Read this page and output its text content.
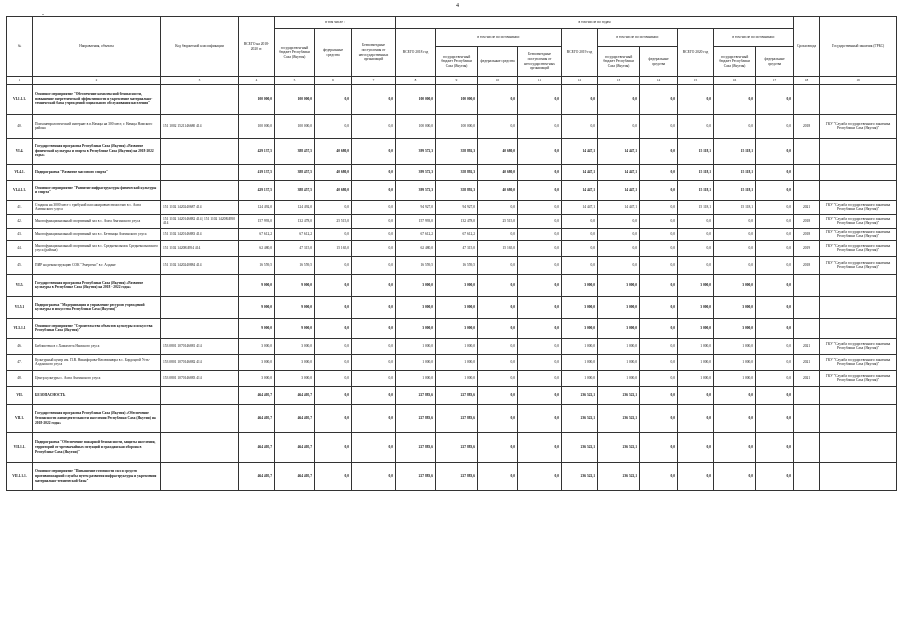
4
-
№	Направления, объекты	Код бюджетной классификации	ВСЕГО на 2018-2020 гг.	в том числе :			в том числе по годам										Сроки ввода	Государственный заказчик (ГРБС)
				государствен-ный бюджет Республики Саха (Якутия)	федеральные средства	Безвозмездные поступления от негосударственных организаций	ВСЕГО 2018 год	в том числе по источникам:			ВСЕГО 2019 год	в том числе по источникам:		ВСЕГО 2020 год	в том числе по источникам:			
								государствен-ный бюджет Республики Саха (Якутия)	федеральные средства	Безвозмездные поступления от негосударствен-ных организаций		государствен-ный бюджет Республики Саха (Якутия)	федеральные средства		государствен-ный бюджет Республики Саха (Якутия)	федеральные средства		
1	2	3	4	5	6	7	8	9	10	11	12	13	14	15	16	17	18	19
VI.1.1.1.	Основное мероприятие "Обеспечение комплексной безопасности, повышение энергетической эффективности и укрепление материально-технической базы учреждений социального обслуживания населения"		100 000,0	100 000,0	0,0	0,0	100 000,0	100 000,0	0,0	0,0	0,0	0,0	0,0	0,0	0,0	0,0		
40.	Психоневрологический интернат в п.Намцы на 300 мест, г. Намцы Намского района	151 1002 1521146680 414	100 000,0	100 000,0	0,0	0,0	100 000,0	100 000,0	0,0	0,0	0,0	0,0	0,0	0,0	0,0	0,0	2018	ГКУ "Служба государственного заказчика Республики Саха (Якутия)"
VI.4.	Государственная программа Республики Саха (Якутия) «Развитие физической культуры и спорта в Республике Саха (Якутия) на 2018-2022 годы»		429 137,5	388 457,5	40 680,0	0,0	399 572,3	358 892,3	40 680,0	0,0	14 447,1	14 447,1	0,0	15 118,1	15 118,1	0,0		
VI.4.1.	Подпрограмма "Развитие массового спорта"		419 137,5	388 457,5	40 680,0	0,0	399 572,3	358 892,3	40 680,0	0,0	14 447,1	14 447,1	0,0	15 118,1	15 118,1	0,0		
VI.4.1.1.	Основное мероприятие "Развитие инфраструктуры физической культуры и спорта"		429 137,5	388 457,5	40 680,0	0,0	399 572,3	358 892,3	40 680,0	0,0	14 447,1	14 447,1	0,0	15 118,1	15 118,1	0,0		
41.	Стадион на 3000 мест с трибуной пассажировместимостью в с. Амга Амгинского улуса	151 1102 1420240687 414	124 492,0	124 492,0	0,0	0,0	94 927,0	94 927,0	0,0	0,0	14 447,1	14 447,1	0,0	15 118,1	15 118,1	0,0	2021	ГКУ "Служба государственного заказчика Республики Саха (Якутия)"
42.	Многофункциональный спортивный зал в с. Амга Амгинского улуса	151 1102 1420146882 414 | 151 1102 1420R4950 414	157 993,0	132 478,0	25 515,0	0,0	157 993,0	132 478,0	25 515,0	0,0	0,0	0,0	0,0	0,0	0,0	0,0	2018	ГКУ "Служба государственного заказчика Республики Саха (Якутия)"
43.	Многофункциональный спортивный зал в с. Бетюнцы Амгинского улуса	151 1102 1420146883 414	67 612,2	67 612,2	0,0	0,0	67 612,2	67 612,2	0,0	0,0	0,0	0,0	0,0	0,0	0,0	0,0	2018	ГКУ "Служба государственного заказчика Республики Саха (Якутия)"
44.	Многофункциональный спортивный зал в с. Среднеколымск Среднеколымского улуса (района)	151 1102 1420R4954 414	62 480,0	47 315,0	15 165,0	0,0	62 480,0	47 315,0	15 165,0	0,0	0,0	0,0	0,0	0,0	0,0	0,0	2019	ГКУ "Служба государственного заказчика Республики Саха (Якутия)"
45.	ПИР на реконструкцию СОК "Эмергенс" в г. Алдане	151 1102 1420240884 414	16 559,5	16 559,5	0,0	0,0	16 559,5	16 559,5	0,0	0,0	0,0	0,0	0,0	0,0	0,0	0,0	2018	ГКУ "Служба государственного заказчика Республики Саха (Якутия)"
VI.5.	Государственная программа Республики Саха (Якутия) «Развитие культуры в Республике Саха (Якутия) на 2018 - 2022 годы»		9 000,0	9 000,0	0,0	0,0	3 000,0	3 000,0	0,0	0,0	3 000,0	3 000,0	0,0	3 000,0	3 000,0	0,0		
VI.5.1	Подпрограмма "Модернизация и управление ресурсов учреждений культуры и искусства Республики Саха (Якутия)"		9 000,0	9 000,0	0,0	0,0	3 000,0	3 000,0	0,0	0,0	3 000,0	3 000,0	0,0	3 000,0	3 000,0	0,0		
VI.5.1.1	Основное мероприятие "Строительство объектов культуры и искусства Республики Саха (Якутия)"		9 000,0	9 000,0	0,0	0,0	3 000,0	3 000,0	0,0	0,0	3 000,0	3 000,0	0,0	3 000,0	3 000,0	0,0		
46.	Библиотека в с.Хамагатта Намского улуса	153 0801 1070146881 414	3 000,0	3 000,0	0,0	0,0	1 000,0	1 000,0	0,0	0,0	1 000,0	1 000,0	0,0	1 000,0	1 000,0	0,0	2021	ГКУ "Служба государственного заказчика Республики Саха (Якутия)"
47.	Культурный центр им. П.В. Никифорова-Кюлюмнюра в с. Бордоңгой Усть-Алданского улуса	153 0801 1070146882 414	3 000,0	3 000,0	0,0	0,0	1 000,0	1 000,0	0,0	0,0	1 000,0	1 000,0	0,0	1 000,0	1 000,0	0,0	2021	ГКУ "Служба государственного заказчика Республики Саха (Якутия)"
48.	Центр культуры с. Амга Амгинского улуса	153 0801 1070146883 414	3 000,0	3 000,0	0,0	0,0	1 000,0	1 000,0	0,0	0,0	1 000,0	1 000,0	0,0	1 000,0	1 000,0	0,0	2021	ГКУ "Служба государственного заказчика Республики Саха (Якутия)"
VII.	БЕЗОПАСНОСТЬ		464 405,7	464 405,7	0,0	0,0	227 883,6	227 883,6	0,0	0,0	236 522,1	236 522,1	0,0	0,0	0,0	0,0		
VII.1.	Государственная программа Республики Саха (Якутия) «Обеспечение безопасности жизнедеятельности населения Республики Саха (Якутия) на 2018-2022 годы»		464 405,7	464 405,7	0,0	0,0	227 883,6	227 883,6	0,0	0,0	236 522,1	236 522,1	0,0	0,0	0,0	0,0		
VII.1.1.	Подпрограмма "Обеспечение пожарной безопасности, защиты населения, территорий от чрезвычайных ситуаций и гражданская оборона в Республике Саха (Якутия)"		464 405,7	464 405,7	0,0	0,0	227 883,6	227 883,6	0,0	0,0	236 522,1	236 522,1	0,0	0,0	0,0	0,0		
VII.1.1.1.	Основное мероприятие "Повышение готовности сил и средств противопожарной службы путем развития инфраструктуры и укрепления материально-технической базы"		464 405,7	464 405,7	0,0	0,0	227 883,6	227 883,6	0,0	0,0	236 522,1	236 522,1	0,0	0,0	0,0	0,0		
